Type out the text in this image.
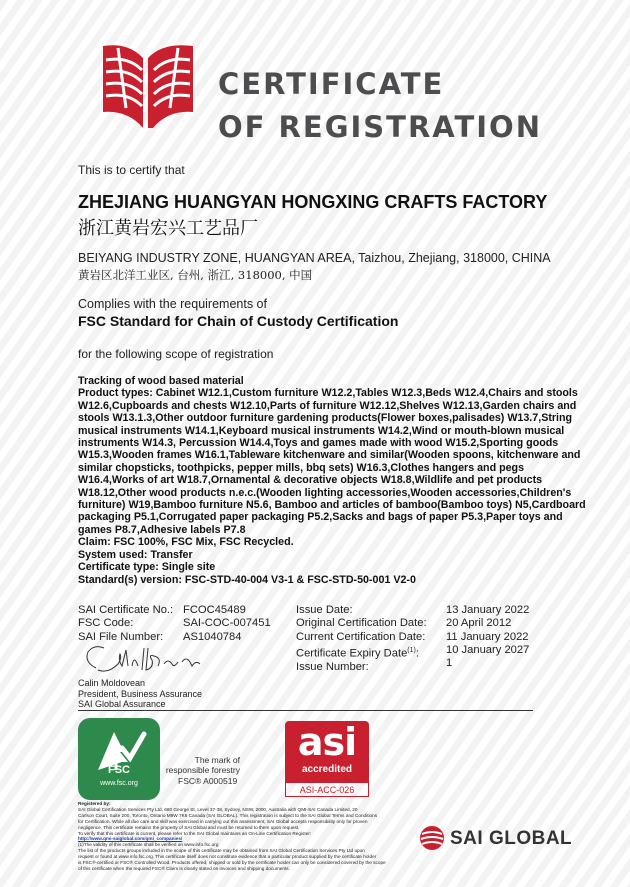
CERTIFICATE
OF REGISTRATION
This is to certify that
ZHEJIANG HUANGYAN HONGXING CRAFTS FACTORY
浙江黄岩宏兴工艺品厂
BEIYANG INDUSTRY ZONE, HUANGYAN AREA, Taizhou, Zhejiang, 318000, CHINA
黄岩区北洋工业区, 台州, 浙江, 318000, 中国
Complies with the requirements of
FSC Standard for Chain of Custody Certification
for the following scope of registration

Tracking of wood based material

Product types: Cabinet W12.1,Custom furniture W12.2,Tables W12.3,Beds W12.4,Chairs and stools W12.6,Cupboards and chests W12.10,Parts of furniture W12.12,Shelves W12.13,Garden chairs and stools W13.1.3,Other outdoor furniture gardening products(Flower boxes,palisades) W13.7,String musical instruments W14.1,Keyboard musical instruments W14.2,Wind or mouth-blown musical instruments W14.3, Percussion W14.4,Toys and games made with wood W15.2,Sporting goods W15.3,Wooden frames W16.1,Tableware kitchenware and similar(Wooden spoons, kitchenware and similar chopsticks, toothpicks, pepper mills, bbq sets) W16.3,Clothes hangers and pegs W16.4,Works of art W18.7,Ornamental & decorative objects W18.8,Wildlife and pet products W18.12,Other wood products n.e.c.(Wooden lighting accessories,Wooden accessories,Children's furniture) W19,Bamboo furniture N5.6, Bamboo and articles of bamboo(Bamboo toys) N5,Cardboard packaging P5.1,Corrugated paper packaging P5.2,Sacks and bags of paper P5.3,Paper toys and games P8.7,Adhesive labels P7.8

Claim: FSC 100%, FSC Mix, FSC Recycled.

System used: Transfer

Certificate type: Single site

Standard(s) version: FSC-STD-40-004 V3-1 & FSC-STD-50-001 V2-0

SAI Certificate No.:
FSC Code:
SAI File Number:
FCOC45489
SAI-COC-007451
AS1040784
Issue Date:
Original Certification Date:
Current Certification Date:
Certificate Expiry Date$^{(1)}$:
Issue Number:
13 January 2022
20 April 2012
11 January 2022
10 January 2027
1
Calin Moldovean
President, Business Assurance
SAI Global Assurance
FSC
www.fsc.org
The mark of
responsible forestry
FSC® A000519
asi
accredited
ASI-ACC-026

Registered by:

SAI Global Certification Services Pty Ltd, 680 George St, Level 37-38, Sydney, NSW, 2000, Australia with QMI-SAI Canada Limited, 20

Carlson Court, Suite 200, Toronto, Ontario M9W 7K6 Canada (SAI GLOBAL). This registration is subject to the SAI Global Terms and Conditions

for Certification. While all due care and skill was exercised in carrying out this assessment, SAI Global accepts responsibility only for proven

negligence. This certificate remains the property of SAI Global and must be returned to them upon request.

To verify that this certificate is current, please refer to the SAI Global maintains an On-Line Certification Register:

http://www.qmi-saiglobal.com/qmi_companies/

(1)The validity of this certificate shall be verified on www.info.fsc.org

The list of the products groups included in the scope of this certificate may be obtained from SAI Global Certification Services Pty Ltd upon

request or found at www.info.fsc.org. This certificate itself does not constitute evidence that a particular product supplied by the certificate holder

is FSC®-certified or FSC® Controlled Wood. Products offered, shipped or sold by the certificate holder can only be considered covered by the scope

of this certificate when the required FSC® Claim is clearly stated on invoices and shipping documents.

SAI GLOBAL
